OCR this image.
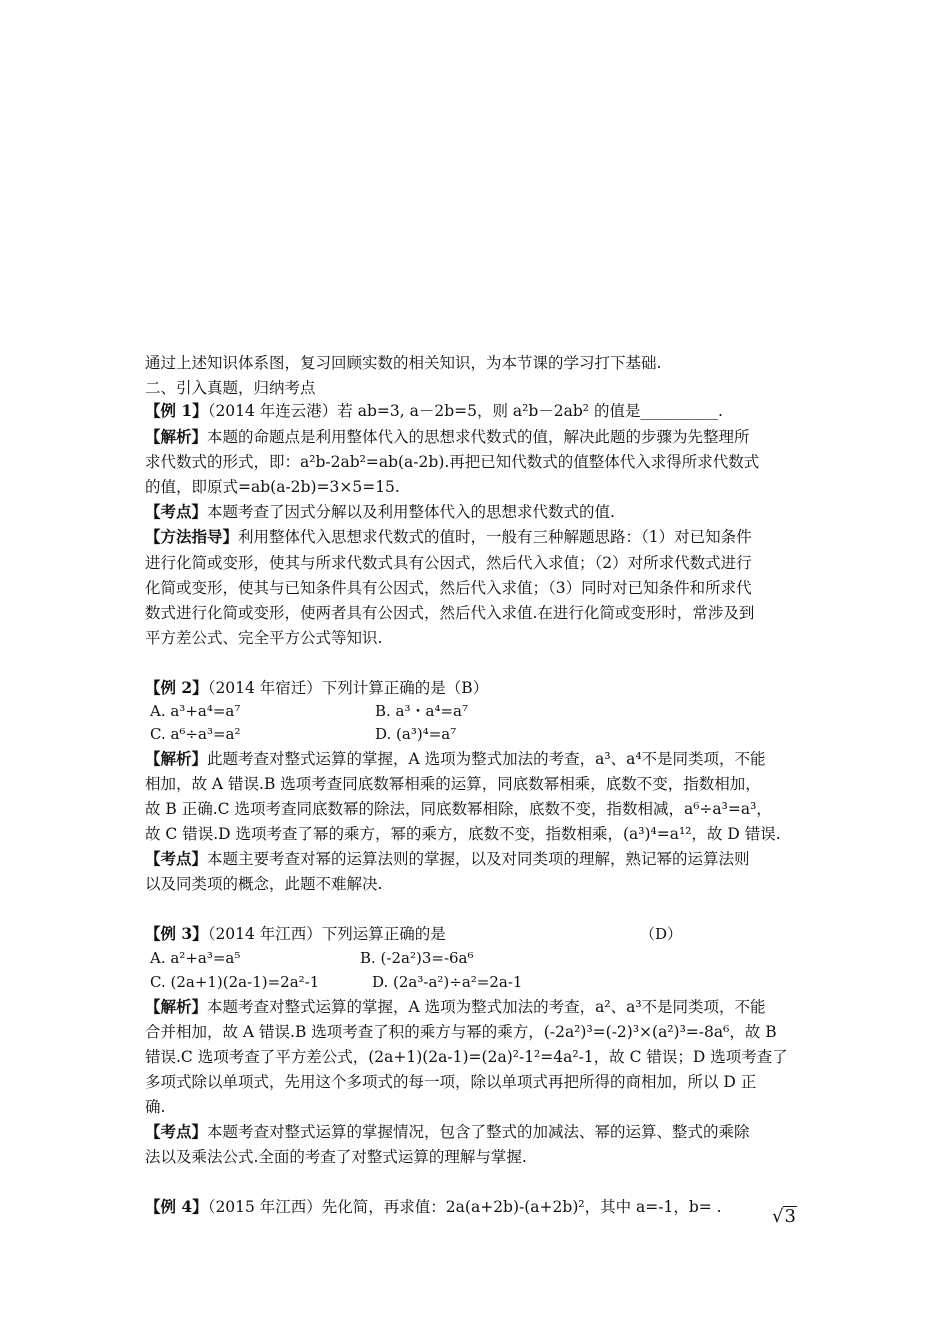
通过上述知识体系图，复习回顾实数的相关知识，为本节课的学习打下基础.
二、引入真题，归纳考点
【例 1】（2014 年连云港）若 ab=3, a－2b=5，则 a²b－2ab² 的值是__________.
【解析】本题的命题点是利用整体代入的思想求代数式的值，解决此题的步骤为先整理所
求代数式的形式，即：a²b-2ab²=ab(a-2b).再把已知代数式的值整体代入求得所求代数式
的值，即原式=ab(a-2b)=3×5=15.
【考点】本题考查了因式分解以及利用整体代入的思想求代数式的值.
【方法指导】利用整体代入思想求代数式的值时，一般有三种解题思路：（1）对已知条件
进行化简或变形，使其与所求代数式具有公因式，然后代入求值；（2）对所求代数式进行
化简或变形，使其与已知条件具有公因式，然后代入求值；（3）同时对已知条件和所求代
数式进行化简或变形，使两者具有公因式，然后代入求值.在进行化简或变形时，常涉及到
平方差公式、完全平方公式等知识.
【例 2】（2014 年宿迁）下列计算正确的是（B）
A. a³+a⁴=a⁷	B. a³・a⁴=a⁷
C. a⁶÷a³=a²	D. (a³)⁴=a⁷
【解析】此题考查对整式运算的掌握，A 选项为整式加法的考查，a³、a⁴不是同类项，不能
相加，故 A 错误.B 选项考查同底数幂相乘的运算，同底数幂相乘，底数不变，指数相加，
故 B 正确.C 选项考查同底数幂的除法，同底数幂相除，底数不变，指数相减，a⁶÷a³=a³，
故 C 错误.D 选项考查了幂的乘方，幂的乘方，底数不变，指数相乘，(a³)⁴=a¹²，故 D 错误.
【考点】本题主要考查对幂的运算法则的掌握，以及对同类项的理解，熟记幂的运算法则
以及同类项的概念，此题不难解决.
【例 3】（2014 年江西）下列运算正确的是	（D）
A. a²+a³=a⁵	B. (-2a²)3=-6a⁶
C. (2a+1)(2a-1)=2a²-1	D. (2a³-a²)÷a²=2a-1
【解析】本题考查对整式运算的掌握，A 选项为整式加法的考查，a²、a³不是同类项，不能
合并相加，故 A 错误.B 选项考查了积的乘方与幂的乘方，(-2a²)³=(-2)³×(a²)³=-8a⁶，故 B
错误.C 选项考查了平方差公式，(2a+1)(2a-1)=(2a)²-1²=4a²-1，故 C 错误；D 选项考查了
多项式除以单项式，先用这个多项式的每一项，除以单项式再把所得的商相加，所以 D 正
确.
【考点】本题考查对整式运算的掌握情况，包含了整式的加减法、幂的运算、整式的乘除
法以及乘法公式.全面的考查了对整式运算的理解与掌握.
【例 4】（2015 年江西）先化简，再求值：2a(a+2b)-(a+2b)²，其中 a=-1，b= .	√3
